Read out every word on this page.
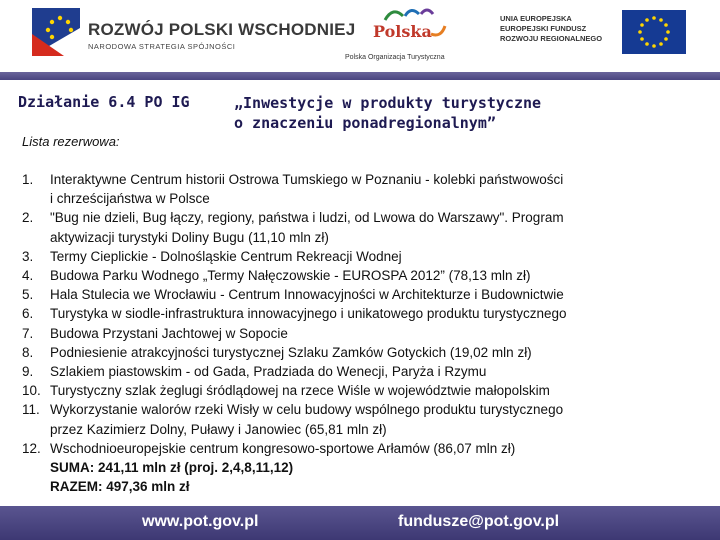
ROZWÓJ POLSKI WSCHODNIEJ
NARODOWA STRATEGIA SPÓJNOŚCI
Polska
Polska Organizacja Turystyczna
UNIA EUROPEJSKA
EUROPEJSKI FUNDUSZ
ROZWOJU REGIONALNEGO
Działanie 6.4 PO IG	„Inwestycje w produkty turystyczne
o znaczeniu ponadregionalnym”
Lista rezerwowa:
1.	Interaktywne Centrum historii Ostrowa Tumskiego w Poznaniu - kolebki państwowości
i chrześcijaństwa w Polsce
2.	"Bug nie dzieli, Bug łączy, regiony, państwa i ludzi, od Lwowa do Warszawy". Program
aktywizacji turystyki Doliny Bugu (11,10 mln zł)
3.	Termy Cieplickie - Dolnośląskie Centrum Rekreacji Wodnej
4.	Budowa Parku Wodnego „Termy Nałęczowskie - EUROSPA 2012” (78,13 mln zł)
5.	Hala Stulecia we Wrocławiu - Centrum Innowacyjności w Architekturze i Budownictwie
6.	Turystyka w siodle-infrastruktura innowacyjnego i unikatowego produktu turystycznego
7.	Budowa Przystani Jachtowej w Sopocie
8.	Podniesienie atrakcyjności turystycznej Szlaku Zamków Gotyckich (19,02 mln zł)
9.	Szlakiem piastowskim - od Gada, Pradziada do Wenecji, Paryża i Rzymu
10. Turystyczny szlak żeglugi śródlądowej na rzece Wiśle w województwie małopolskim
11. Wykorzystanie walorów rzeki Wisły w celu budowy wspólnego produktu turystycznego
przez Kazimierz Dolny, Puławy i Janowiec (65,81 mln zł)
12. Wschodnioeuropejskie centrum kongresowo-sportowe Arłamów (86,07 mln zł)
SUMA: 241,11 mln zł (proj. 2,4,8,11,12)
RAZEM: 497,36 mln zł
www.pot.gov.pl	fundusze@pot.gov.pl
